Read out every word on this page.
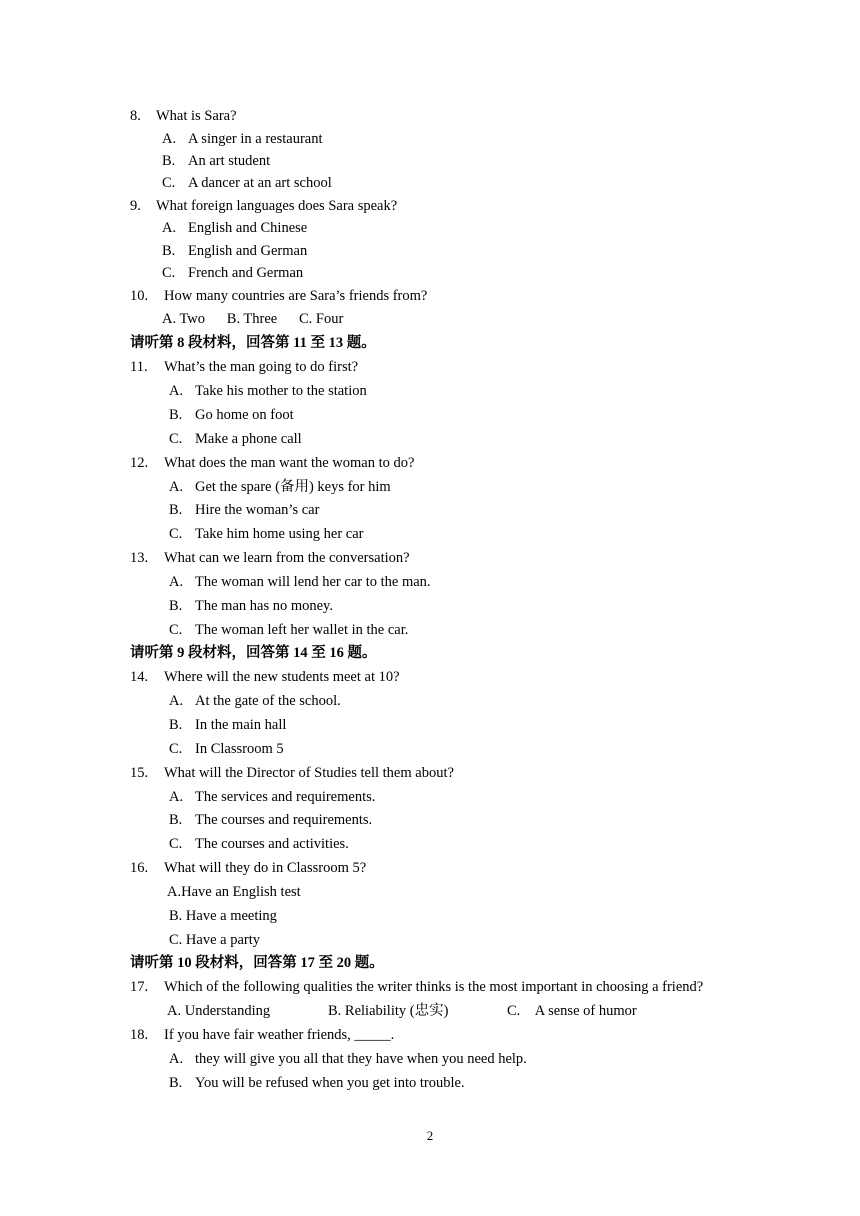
8. What is Sara?
A. A singer in a restaurant
B. An art student
C. A dancer at an art school
9. What foreign languages does Sara speak?
A. English and Chinese
B. English and German
C. French and German
10. How many countries are Sara’s friends from?
A. Two  B. Three  C. Four
请听第 8 段材料，回答第 11 至 13 题。
11. What’s the man going to do first?
A. Take his mother to the station
B. Go home on foot
C. Make a phone call
12. What does the man want the woman to do?
A. Get the spare (备用) keys for him
B. Hire the woman’s car
C. Take him home using her car
13. What can we learn from the conversation?
A. The woman will lend her car to the man.
B. The man has no money.
C. The woman left her wallet in the car.
请听第 9 段材料，回答第 14 至 16 题。
14. Where will the new students meet at 10?
A. At the gate of the school.
B. In the main hall
C. In Classroom 5
15. What will the Director of Studies tell them about?
A. The services and requirements.
B. The courses and requirements.
C. The courses and activities.
16. What will they do in Classroom 5?
A.Have an English test
B. Have a meeting
C. Have a party
请听第 10 段材料，回答第 17 至 20 题。
17. Which of the following qualities the writer thinks is the most important in choosing a friend?
A. Understanding	B. Reliability (忠实)	C. A sense of humor
18. If you have fair weather friends, _____.
A. they will give you all that they have when you need help.
B. You will be refused when you get into trouble.
2
